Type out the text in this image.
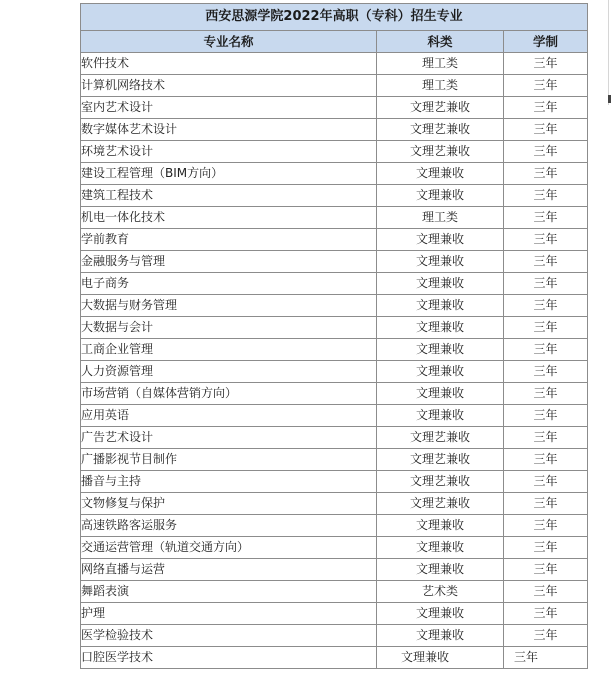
西安思源学院2022年高职（专科）招生专业		
专业名称	科类	学制
软件技术	理工类	三年
计算机网络技术	理工类	三年
室内艺术设计	文理艺兼收	三年
数字媒体艺术设计	文理艺兼收	三年
环境艺术设计	文理艺兼收	三年
建设工程管理（BIM方向）	文理兼收	三年
建筑工程技术	文理兼收	三年
机电一体化技术	理工类	三年
学前教育	文理兼收	三年
金融服务与管理	文理兼收	三年
电子商务	文理兼收	三年
大数据与财务管理	文理兼收	三年
大数据与会计	文理兼收	三年
工商企业管理	文理兼收	三年
人力资源管理	文理兼收	三年
市场营销（自媒体营销方向）	文理兼收	三年
应用英语	文理兼收	三年
广告艺术设计	文理艺兼收	三年
广播影视节目制作	文理艺兼收	三年
播音与主持	文理艺兼收	三年
文物修复与保护	文理艺兼收	三年
高速铁路客运服务	文理兼收	三年
交通运营管理（轨道交通方向）	文理兼收	三年
网络直播与运营	文理兼收	三年
舞蹈表演	艺术类	三年
护理	文理兼收	三年
医学检验技术	文理兼收	三年
口腔医学技术	文理兼收	三年
